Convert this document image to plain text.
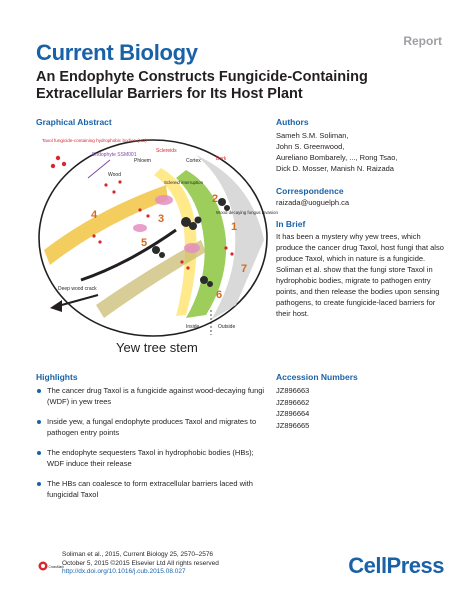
Current Biology	Report
An Endophyte Constructs Fungicide-Containing
Extracellular Barriers for Its Host Plant
Graphical Abstract
1
2
3
4
5
6
7
Taxol fungicide-containing hydrophobic bodies (HB)
Endophyte SSM001
Wood
Phloem
Sclereids
Cortex	Bark
Sclereid interruption
Wood decaying fungus invasion
Deep wood crack
Inside	Outside
Yew tree stem
Authors
Sameh S.M. Soliman,
John S. Greenwood,
Aureliano Bombarely, ..., Rong Tsao,
Dick D. Mosser, Manish N. Raizada
Correspondence
raizada@uoguelph.ca
In Brief
It has been a mystery why yew trees, which produce the cancer drug Taxol, host fungi that also produce Taxol, which in nature is a fungicide. Soliman et al. show that the fungi store Taxol in hydrophobic bodies, migrate to pathogen entry points, and then release the bodies upon sensing pathogens, to create fungicide-laced barriers for their host.
Highlights
The cancer drug Taxol is a fungicide against wood-decaying fungi (WDF) in yew trees
Inside yew, a fungal endophyte produces Taxol and migrates to pathogen entry points
The endophyte sequesters Taxol in hydrophobic bodies (HBs); WDF induce their release
The HBs can coalesce to form extracellular barriers laced with fungicidal Taxol
Accession Numbers
JZ896663
JZ896662
JZ896664
JZ896665
CrossMark
Soliman et al., 2015, Current Biology 25, 2570–2576
October 5, 2015 ©2015 Elsevier Ltd All rights reserved
http://dx.doi.org/10.1016/j.cub.2015.08.027	CellPress
